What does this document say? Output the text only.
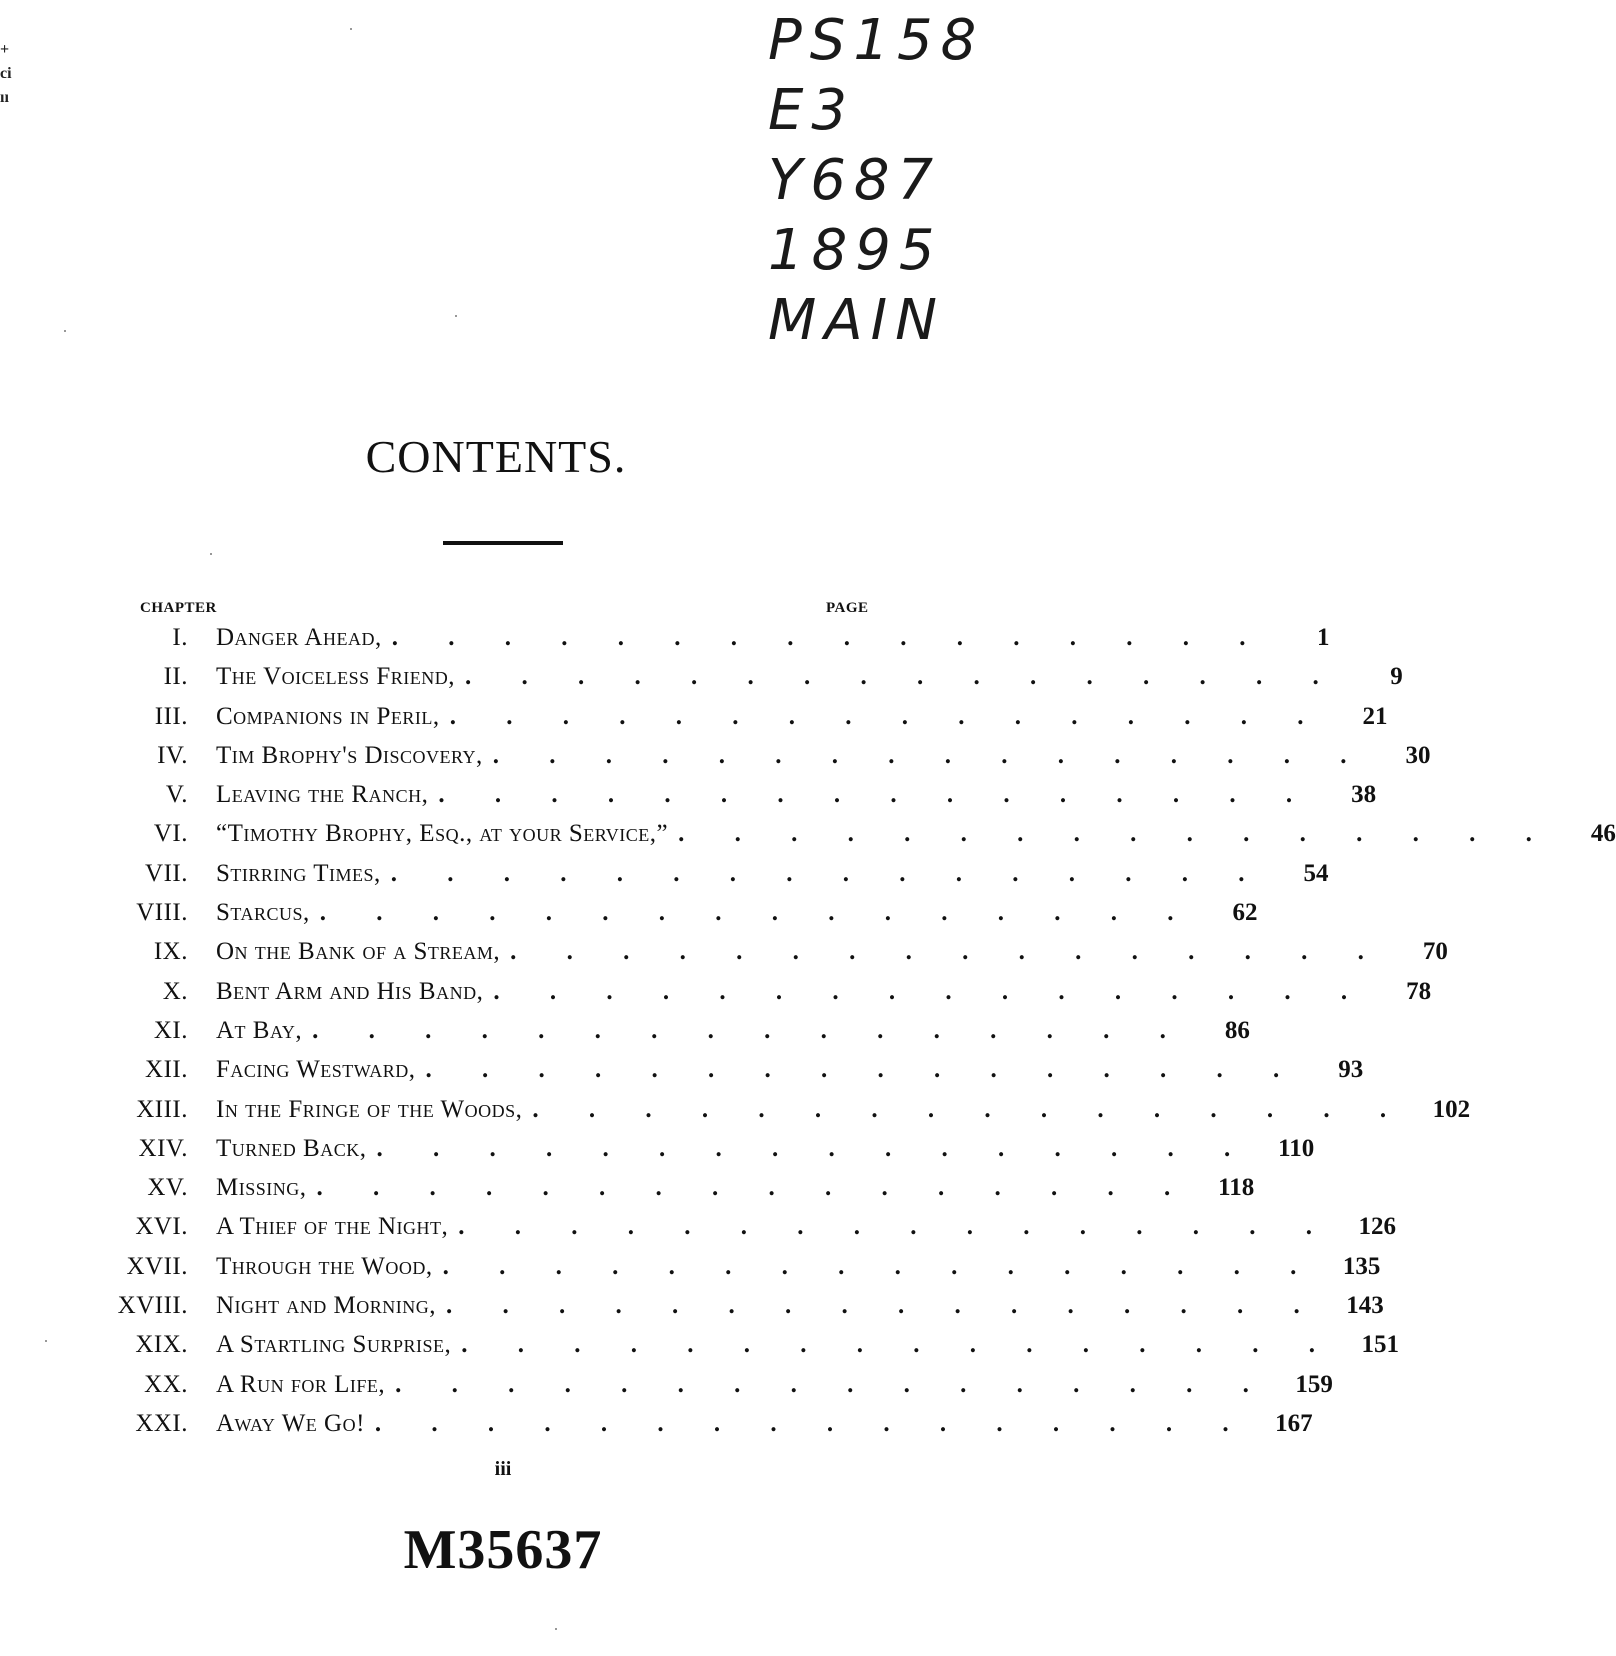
+
ci
ıı
PS158
E3
Y687
1895
MAIN
CONTENTS.
CHAPTER	PAGE
I.	Danger Ahead, . . . . . . . . . . . . . . . .	1
II.	The Voiceless Friend, . . . . . . . . . . . . . . . .	9
III.	Companions in Peril, . . . . . . . . . . . . . . . .	21
IV.	Tim Brophy's Discovery, . . . . . . . . . . . . . . . .	30
V.	Leaving the Ranch, . . . . . . . . . . . . . . . .	38
VI.	“Timothy Brophy, Esq., at your Service,” . . . . . . . . . . . . . . . .	46
VII.	Stirring Times, . . . . . . . . . . . . . . . .	54
VIII.	Starcus, . . . . . . . . . . . . . . . .	62
IX.	On the Bank of a Stream, . . . . . . . . . . . . . . . .	70
X.	Bent Arm and His Band, . . . . . . . . . . . . . . . .	78
XI.	At Bay, . . . . . . . . . . . . . . . .	86
XII.	Facing Westward, . . . . . . . . . . . . . . . .	93
XIII.	In the Fringe of the Woods, . . . . . . . . . . . . . . . . 102
XIV.	Turned Back, . . . . . . . . . . . . . . . .	110
XV.	Missing, . . . . . . . . . . . . . . . .	118
XVI.	A Thief of the Night, . . . . . . . . . . . . . . . . 126
XVII.	Through the Wood, . . . . . . . . . . . . . . . . 135
XVIII.	Night and Morning, . . . . . . . . . . . . . . . . 143
XIX.	A Startling Surprise, . . . . . . . . . . . . . . . . 151
XX.	A Run for Life, . . . . . . . . . . . . . . . . 159
XXI.	Away We Go! . . . . . . . . . . . . . . . . 167
iii
M35637
